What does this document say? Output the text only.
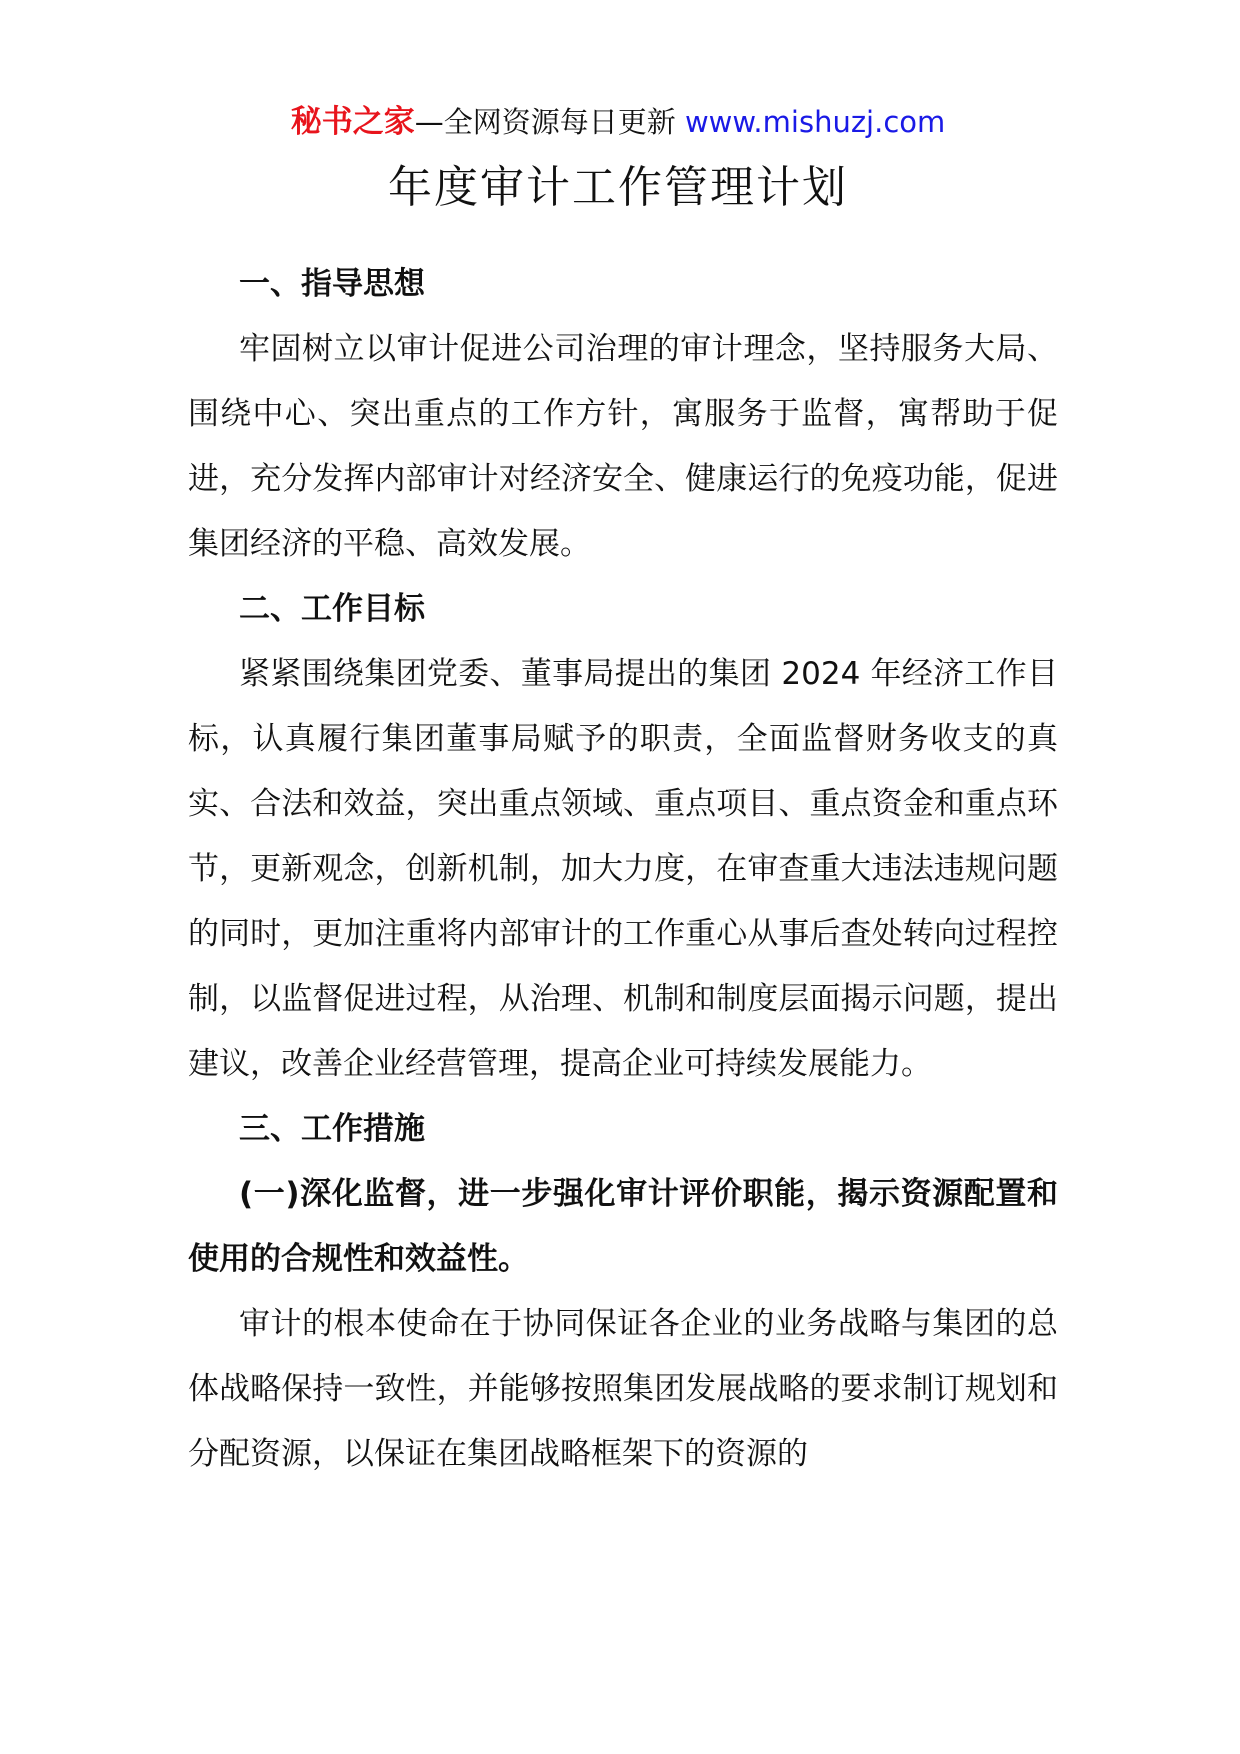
秘书之家—全网资源每日更新 www.mishuzj.com
年度审计工作管理计划
一、指导思想
牢固树立以审计促进公司治理的审计理念，坚持服务大局、围绕中心、突出重点的工作方针，寓服务于监督，寓帮助于促进，充分发挥内部审计对经济安全、健康运行的免疫功能，促进集团经济的平稳、高效发展。
二、工作目标
紧紧围绕集团党委、董事局提出的集团 2024 年经济工作目标，认真履行集团董事局赋予的职责，全面监督财务收支的真实、合法和效益，突出重点领域、重点项目、重点资金和重点环节，更新观念，创新机制，加大力度，在审查重大违法违规问题的同时，更加注重将内部审计的工作重心从事后查处转向过程控制，以监督促进过程，从治理、机制和制度层面揭示问题，提出建议，改善企业经营管理，提高企业可持续发展能力。
三、工作措施
(一)深化监督，进一步强化审计评价职能，揭示资源配置和使用的合规性和效益性。
审计的根本使命在于协同保证各企业的业务战略与集团的总体战略保持一致性，并能够按照集团发展战略的要求制订规划和分配资源，以保证在集团战略框架下的资源的
